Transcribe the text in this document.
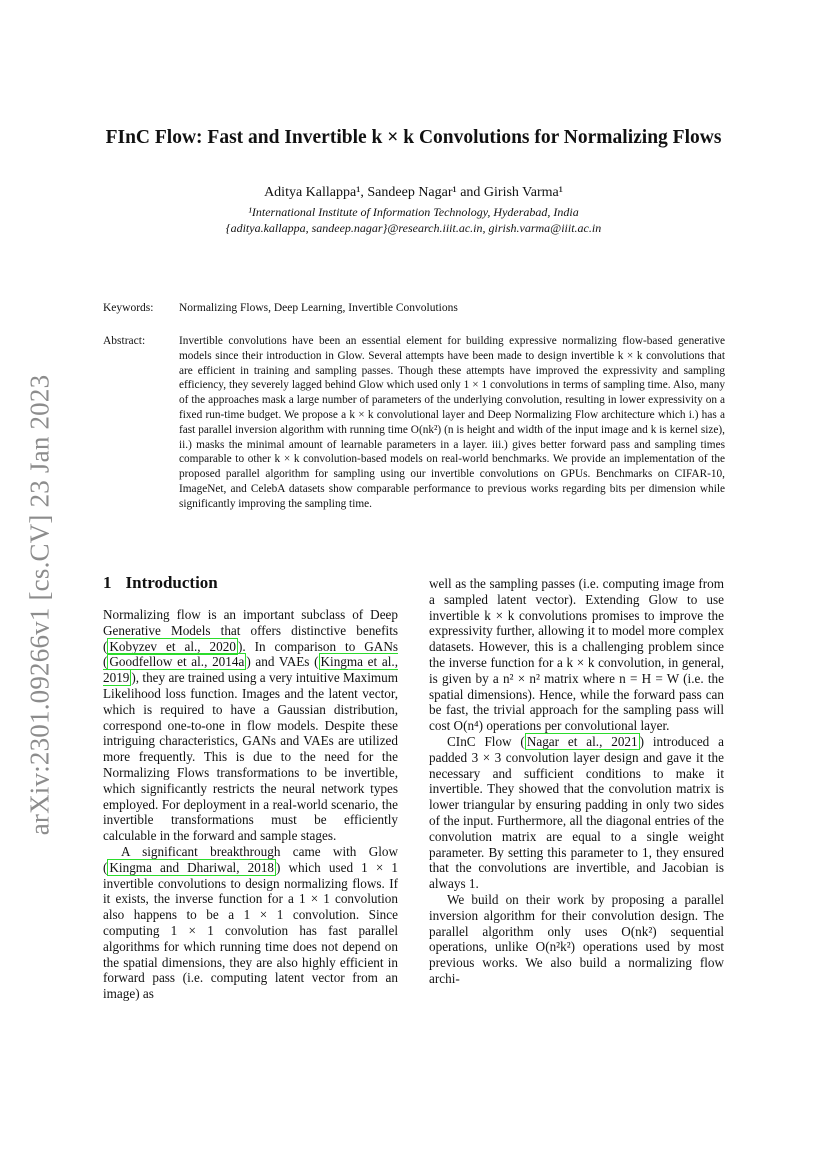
arXiv:2301.09266v1 [cs.CV] 23 Jan 2023
FInC Flow: Fast and Invertible k × k Convolutions for Normalizing Flows
Aditya Kallappa¹, Sandeep Nagar¹ and Girish Varma¹
¹International Institute of Information Technology, Hyderabad, India
{aditya.kallappa, sandeep.nagar}@research.iiit.ac.in, girish.varma@iiit.ac.in
Keywords: Normalizing Flows, Deep Learning, Invertible Convolutions
Abstract:	Invertible convolutions have been an essential element for building expressive normalizing flow-based generative models since their introduction in Glow. Several attempts have been made to design invertible k × k convolutions that are efficient in training and sampling passes. Though these attempts have improved the expressivity and sampling efficiency, they severely lagged behind Glow which used only 1 × 1 convolutions in terms of sampling time. Also, many of the approaches mask a large number of parameters of the underlying convolution, resulting in lower expressivity on a fixed run-time budget. We propose a k × k convolutional layer and Deep Normalizing Flow architecture which i.) has a fast parallel inversion algorithm with running time O(nk²) (n is height and width of the input image and k is kernel size), ii.) masks the minimal amount of learnable parameters in a layer. iii.) gives better forward pass and sampling times comparable to other k × k convolution-based models on real-world benchmarks. We provide an implementation of the proposed parallel algorithm for sampling using our invertible convolutions on GPUs. Benchmarks on CIFAR-10, ImageNet, and CelebA datasets show comparable performance to previous works regarding bits per dimension while significantly improving the sampling time.
1 Introduction

Normalizing flow is an important subclass of Deep Generative Models that offers distinctive benefits ( Kobyzev et al., 2020 ). In comparison to GANs ( Goodfellow et al., 2014a ) and VAEs ( Kingma et al., 2019 ), they are trained using a very intuitive Maximum Likelihood loss function. Images and the latent vector, which is required to have a Gaussian distribution, correspond one-to-one in flow models. Despite these intriguing characteristics, GANs and VAEs are utilized more frequently. This is due to the need for the Normalizing Flows transformations to be invertible, which significantly restricts the neural network types employed. For deployment in a real-world scenario, the invertible transformations must be efficiently calculable in the forward and sample stages.

A significant breakthrough came with Glow ( Kingma and Dhariwal, 2018 ) which used 1 × 1 invertible convolutions to design normalizing flows. If it exists, the inverse function for a 1 × 1 convolution also happens to be a 1 × 1 convolution. Since computing 1 × 1 convolution has fast parallel algorithms for which running time does not depend on the spatial dimensions, they are also highly efficient in forward pass (i.e. computing latent vector from an image) as

well as the sampling passes (i.e. computing image from a sampled latent vector). Extending Glow to use invertible k × k convolutions promises to improve the expressivity further, allowing it to model more complex datasets. However, this is a challenging problem since the inverse function for a k × k convolution, in general, is given by a n² × n² matrix where n = H = W (i.e. the spatial dimensions). Hence, while the forward pass can be fast, the trivial approach for the sampling pass will cost O(n⁴) operations per convolutional layer.

CInC Flow ( Nagar et al., 2021 ) introduced a padded 3 × 3 convolution layer design and gave it the necessary and sufficient conditions to make it invertible. They showed that the convolution matrix is lower triangular by ensuring padding in only two sides of the input. Furthermore, all the diagonal entries of the convolution matrix are equal to a single weight parameter. By setting this parameter to 1, they ensured that the convolutions are invertible, and Jacobian is always 1.

We build on their work by proposing a parallel inversion algorithm for their convolution design. The parallel algorithm only uses O(nk²) sequential operations, unlike O(n²k²) operations used by most previous works. We also build a normalizing flow archi-
